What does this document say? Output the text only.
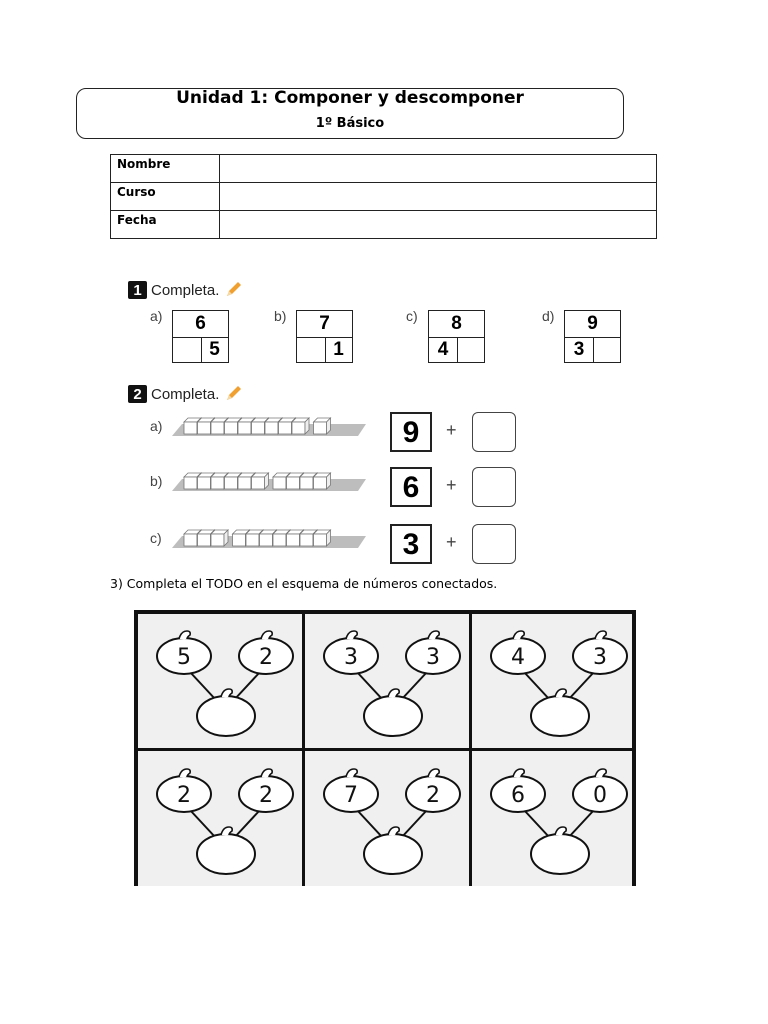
Unidad 1: Componer y descomponer
1º Básico
Nombre	
Curso	
Fecha	
1 Completa.
a)	6
5
b)	7
1
c)	8
4
d)	9
3
2 Completa.
a)	9	+
b)	6	+
c)	3	+
3) Completa el TODO en el esquema de números conectados.
5	2	3	3	4	3
2	2	7	2	6	0
